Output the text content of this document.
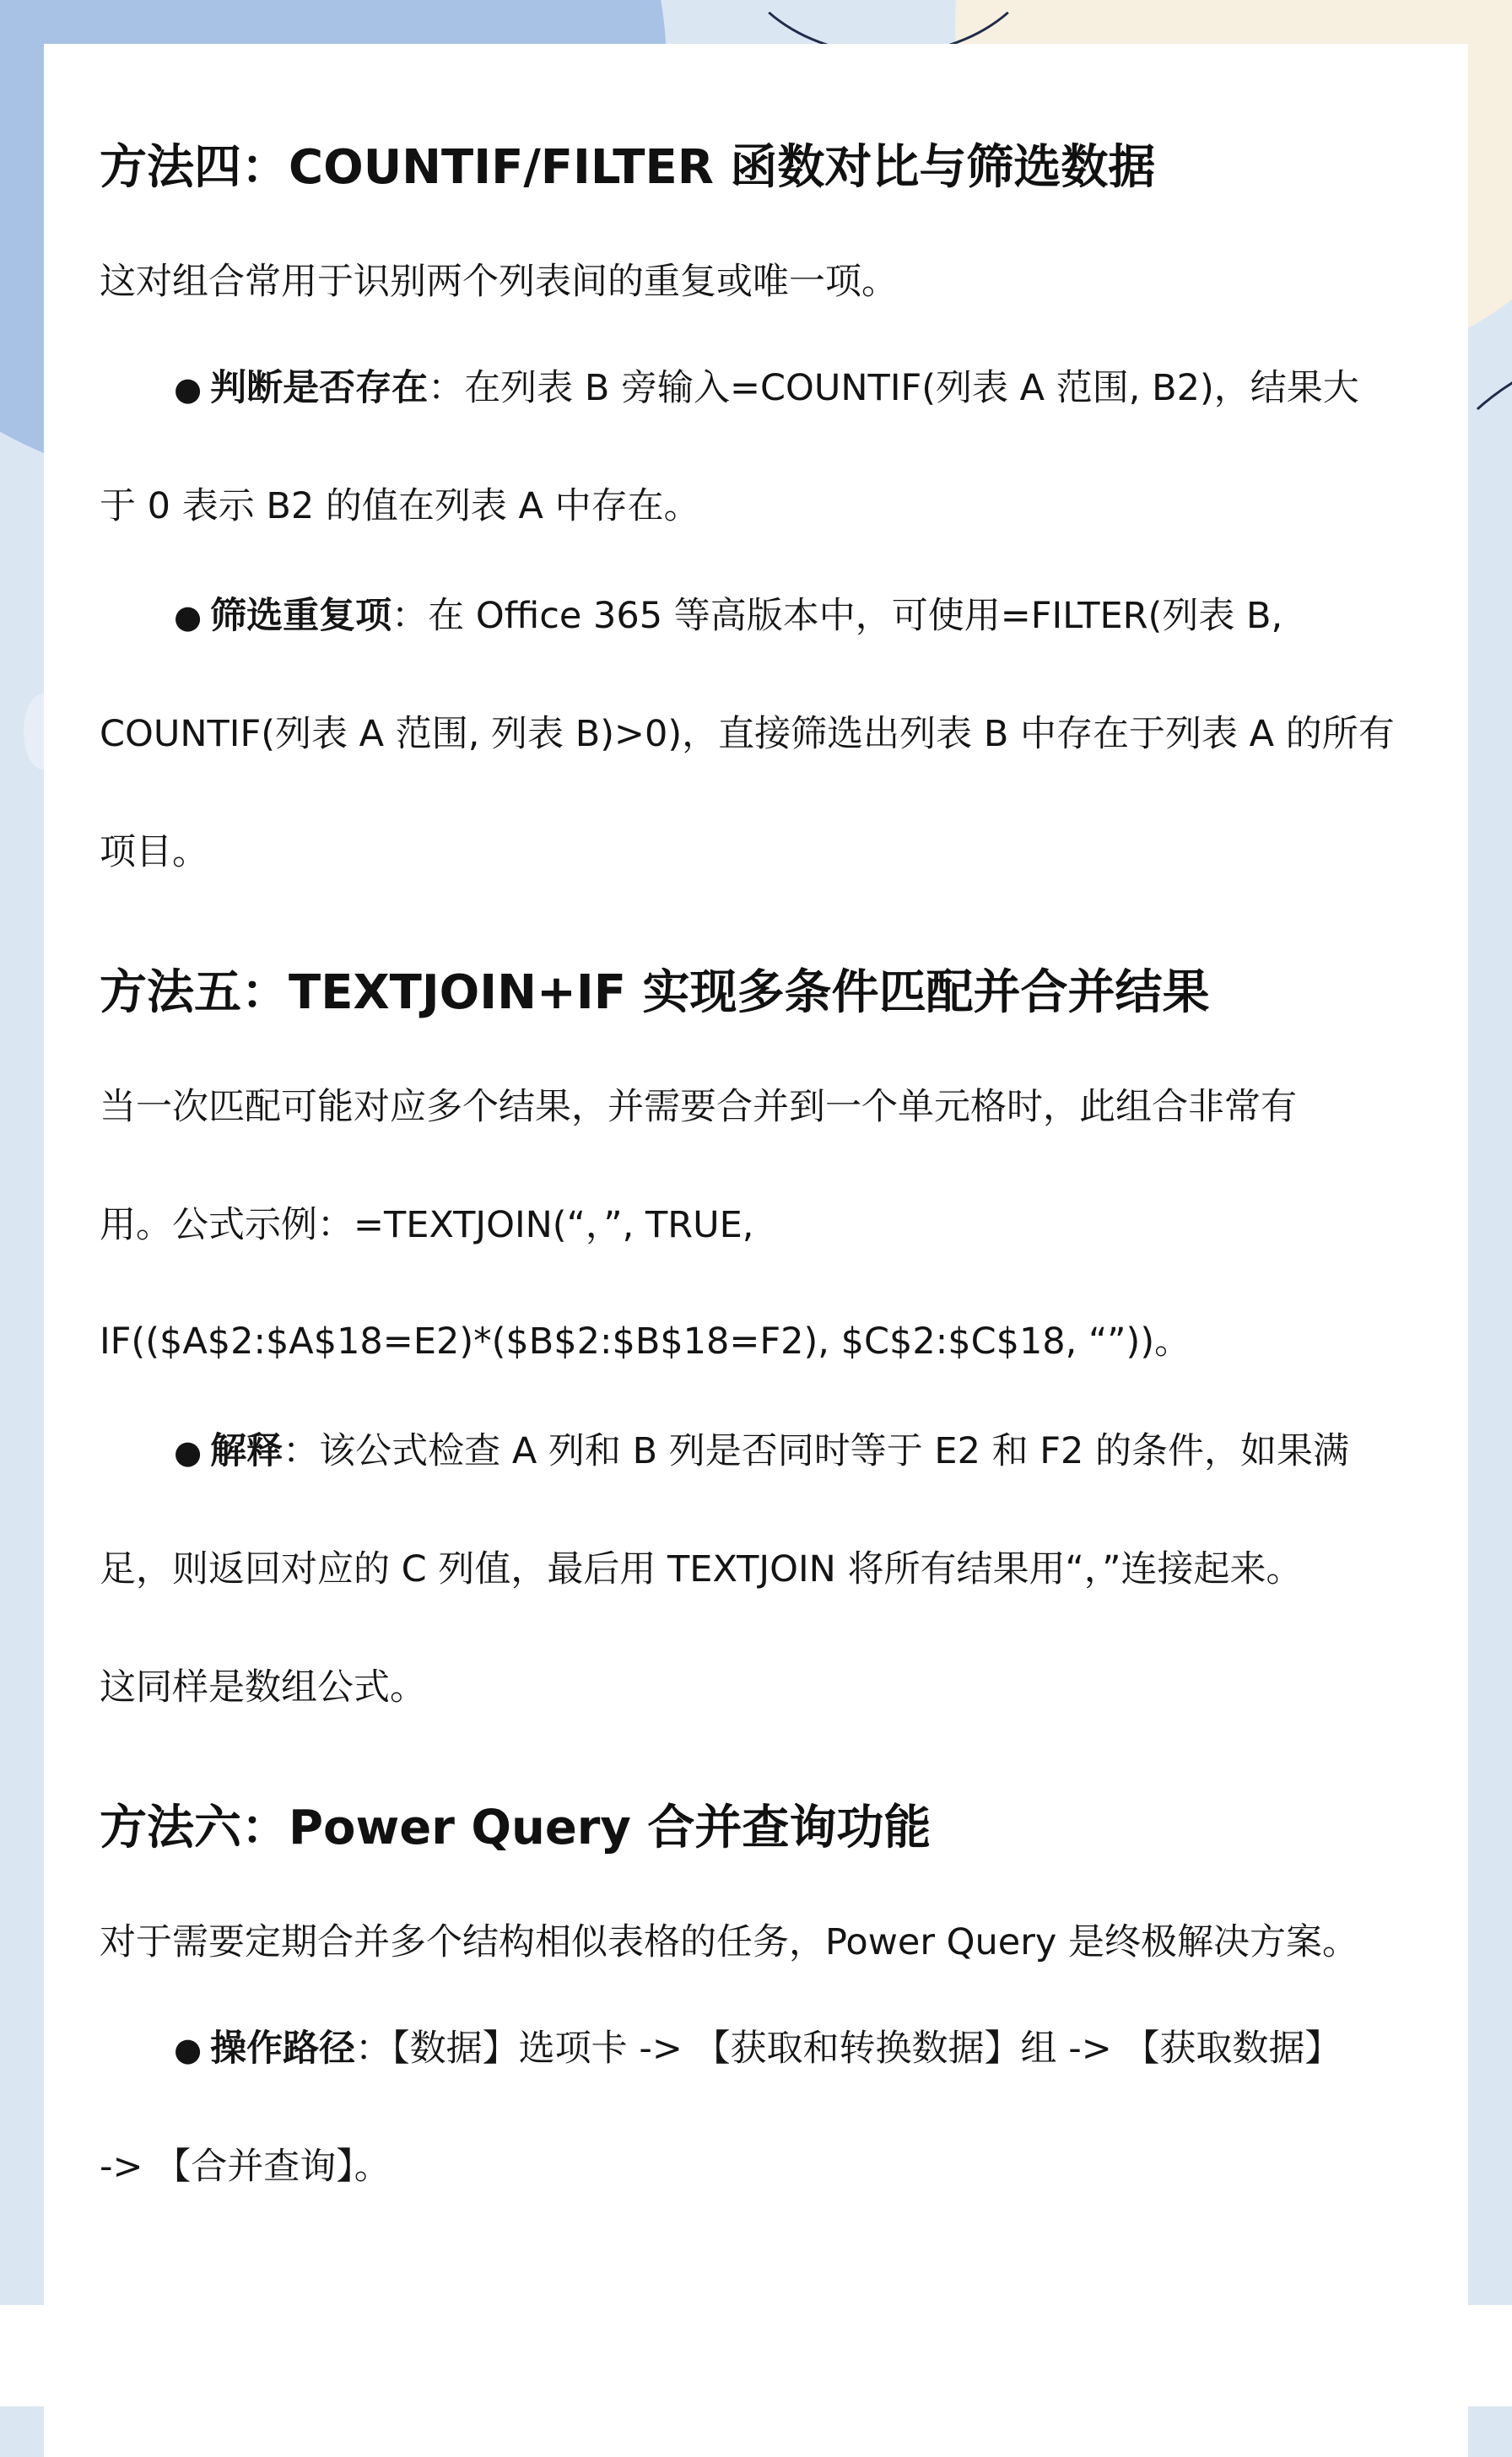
方法四：COUNTIF/FILTER 函数对比与筛选数据
这对组合常用于识别两个列表间的重复或唯一项。
● 判断是否存在：在列表 B 旁输入=COUNTIF(列表 A 范围, B2)，结果大
于 0 表示 B2 的值在列表 A 中存在。
● 筛选重复项：在 Office 365 等高版本中，可使用=FILTER(列表 B,
COUNTIF(列表 A 范围, 列表 B)>0)，直接筛选出列表 B 中存在于列表 A 的所有
项目。
方法五：TEXTJOIN+IF 实现多条件匹配并合并结果
当一次匹配可能对应多个结果，并需要合并到一个单元格时，此组合非常有
用。公式示例：=TEXTJOIN(“，”, TRUE,
IF(($A$2:$A$18=E2)*($B$2:$B$18=F2), $C$2:$C$18, “”))。
● 解释：该公式检查 A 列和 B 列是否同时等于 E2 和 F2 的条件，如果满
足，则返回对应的 C 列值，最后用 TEXTJOIN 将所有结果用“，”连接起来。
这同样是数组公式。
方法六：Power Query 合并查询功能
对于需要定期合并多个结构相似表格的任务，Power Query 是终极解决方案。
● 操作路径：【数据】选项卡 -> 【获取和转换数据】组 -> 【获取数据】
-> 【合并查询】。
